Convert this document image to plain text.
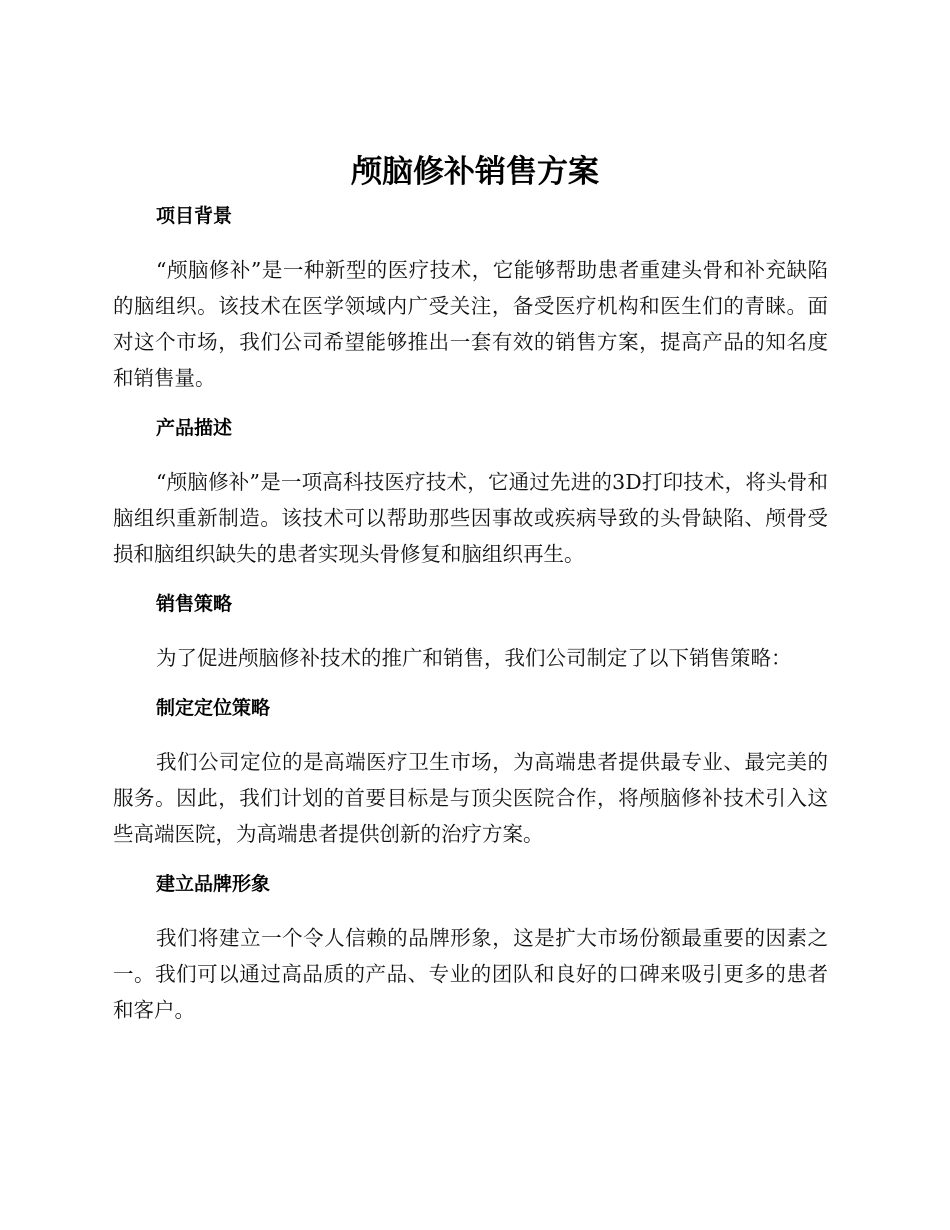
颅脑修补销售方案
项目背景

“颅脑修补”是一种新型的医疗技术，它能够帮助患者重建头骨和补充缺陷的脑组织。该技术在医学领域内广受关注，备受医疗机构和医生们的青睐。面对这个市场，我们公司希望能够推出一套有效的销售方案，提高产品的知名度和销售量。

产品描述

“颅脑修补”是一项高科技医疗技术，它通过先进的3D打印技术，将头骨和脑组织重新制造。该技术可以帮助那些因事故或疾病导致的头骨缺陷、颅骨受损和脑组织缺失的患者实现头骨修复和脑组织再生。

销售策略

为了促进颅脑修补技术的推广和销售，我们公司制定了以下销售策略：

制定定位策略

我们公司定位的是高端医疗卫生市场，为高端患者提供最专业、最完美的服务。因此，我们计划的首要目标是与顶尖医院合作，将颅脑修补技术引入这些高端医院，为高端患者提供创新的治疗方案。

建立品牌形象

我们将建立一个令人信赖的品牌形象，这是扩大市场份额最重要的因素之一。我们可以通过高品质的产品、专业的团队和良好的口碑来吸引更多的患者和客户。
